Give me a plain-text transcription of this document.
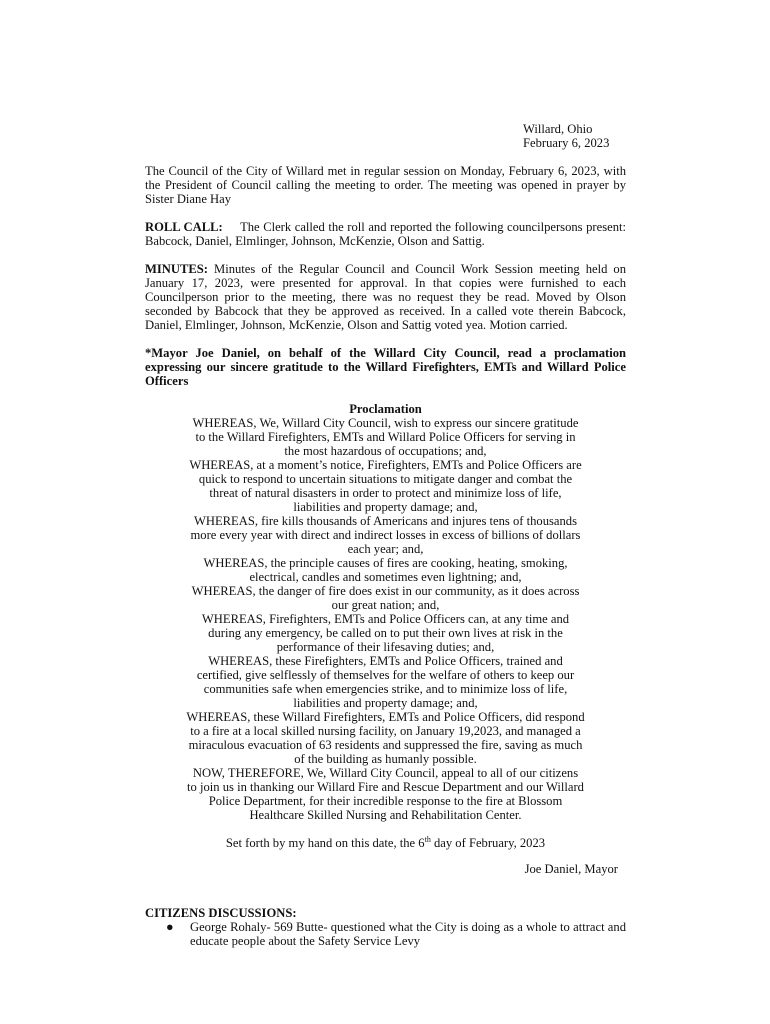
Willard, Ohio
February 6, 2023

The Council of the City of Willard met in regular session on Monday, February 6, 2023, with the President of Council calling the meeting to order. The meeting was opened in prayer by Sister Diane Hay

ROLL CALL: The Clerk called the roll and reported the following councilpersons present: Babcock, Daniel, Elmlinger, Johnson, McKenzie, Olson and Sattig.

MINUTES: Minutes of the Regular Council and Council Work Session meeting held on January 17, 2023, were presented for approval. In that copies were furnished to each Councilperson prior to the meeting, there was no request they be read. Moved by Olson seconded by Babcock that they be approved as received. In a called vote therein Babcock, Daniel, Elmlinger, Johnson, McKenzie, Olson and Sattig voted yea. Motion carried.

*Mayor Joe Daniel, on behalf of the Willard City Council, read a proclamation expressing our sincere gratitude to the Willard Firefighters, EMTs and Willard Police Officers

Proclamation
WHEREAS, We, Willard City Council, wish to express our sincere gratitude
to the Willard Firefighters, EMTs and Willard Police Officers for serving in
the most hazardous of occupations; and,
WHEREAS, at a moment’s notice, Firefighters, EMTs and Police Officers are
quick to respond to uncertain situations to mitigate danger and combat the
threat of natural disasters in order to protect and minimize loss of life,
liabilities and property damage; and,
WHEREAS, fire kills thousands of Americans and injures tens of thousands
more every year with direct and indirect losses in excess of billions of dollars
each year; and,
WHEREAS, the principle causes of fires are cooking, heating, smoking,
electrical, candles and sometimes even lightning; and,
WHEREAS, the danger of fire does exist in our community, as it does across
our great nation; and,
WHEREAS, Firefighters, EMTs and Police Officers can, at any time and
during any emergency, be called on to put their own lives at risk in the
performance of their lifesaving duties; and,
WHEREAS, these Firefighters, EMTs and Police Officers, trained and
certified, give selflessly of themselves for the welfare of others to keep our
communities safe when emergencies strike, and to minimize loss of life,
liabilities and property damage; and,
WHEREAS, these Willard Firefighters, EMTs and Police Officers, did respond
to a fire at a local skilled nursing facility, on January 19,2023, and managed a
miraculous evacuation of 63 residents and suppressed the fire, saving as much
of the building as humanly possible.
NOW, THEREFORE, We, Willard City Council, appeal to all of our citizens
to join us in thanking our Willard Fire and Rescue Department and our Willard
Police Department, for their incredible response to the fire at Blossom
Healthcare Skilled Nursing and Rehabilitation Center.
Set forth by my hand on this date, the 6th day of February, 2023
Joe Daniel, Mayor
CITIZENS DISCUSSIONS:
● George Rohaly- 569 Butte- questioned what the City is doing as a whole to attract and educate people about the Safety Service Levy
